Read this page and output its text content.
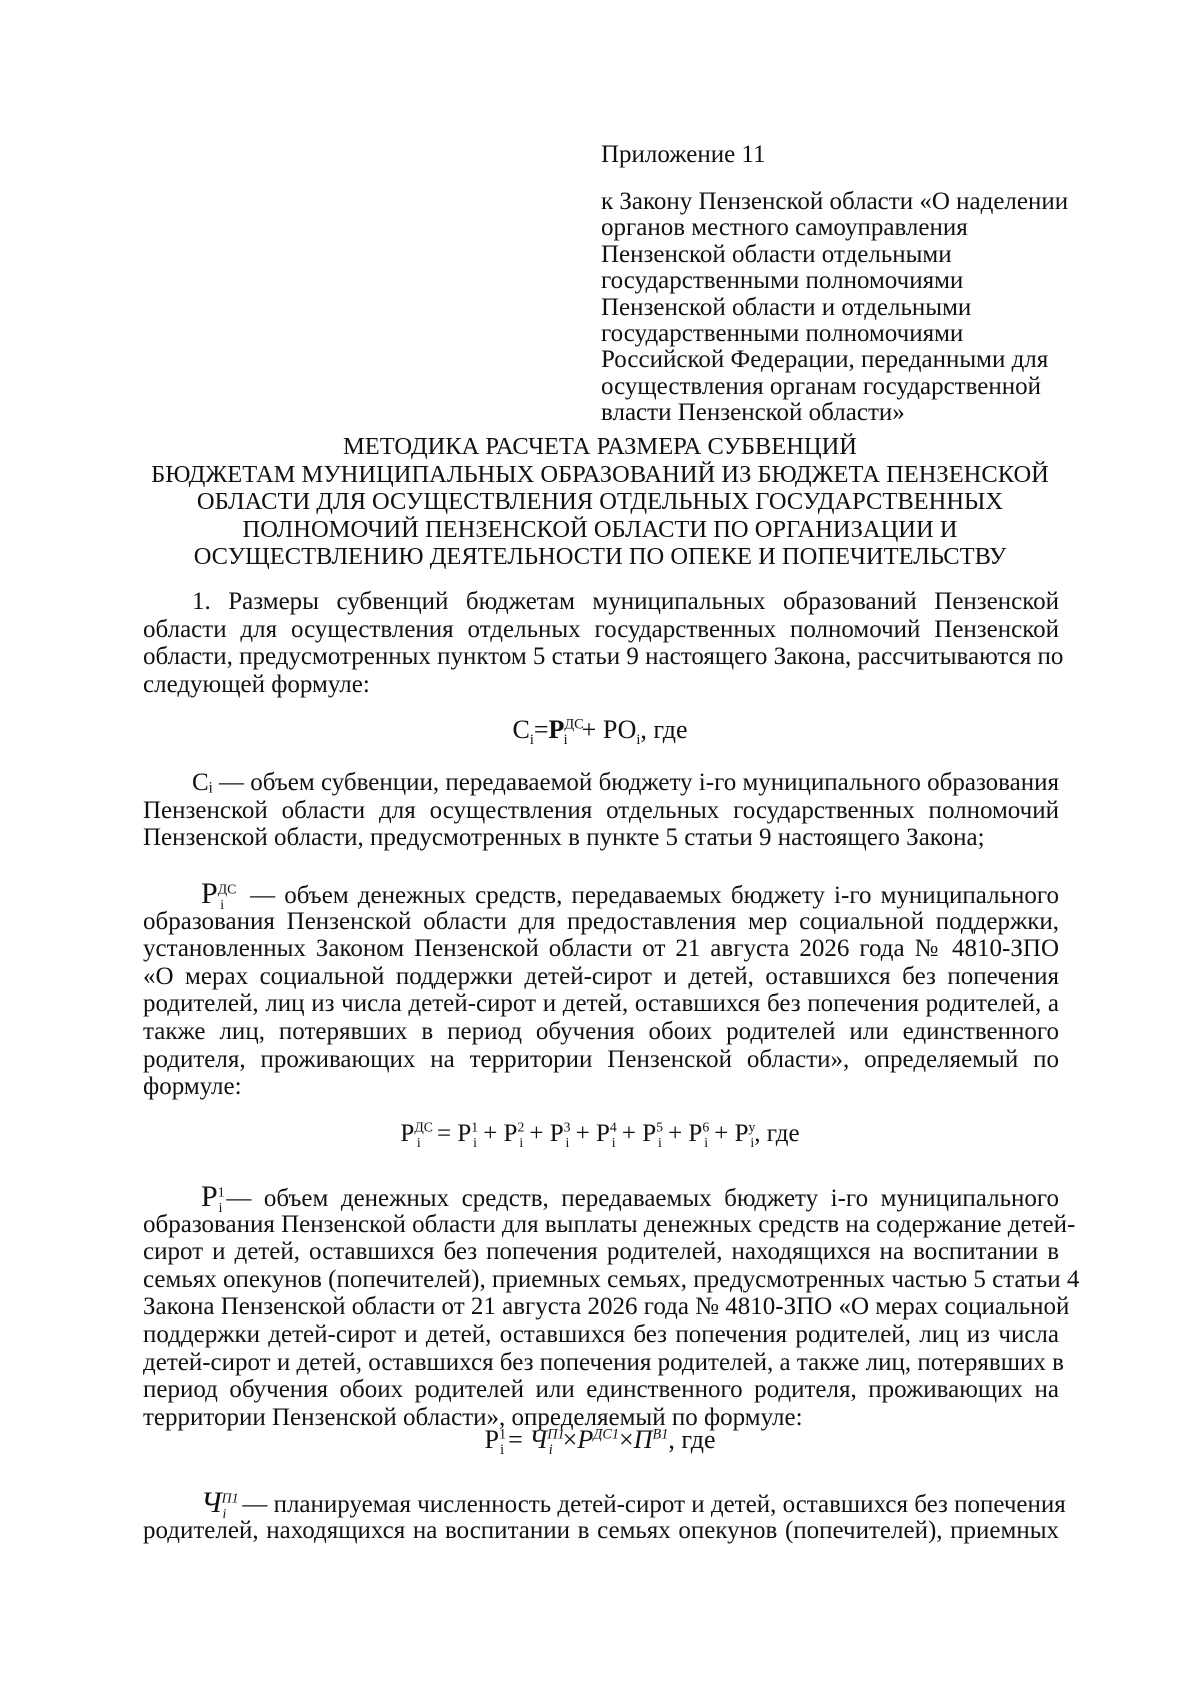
Приложение 11
к Закону Пензенской области «О наделении
органов местного самоуправления
Пензенской области отдельными
государственными полномочиями
Пензенской области и отдельными
государственными полномочиями
Российской Федерации, переданными для
осуществления органам государственной
власти Пензенской области»
МЕТОДИКА РАСЧЕТА РАЗМЕРА СУБВЕНЦИЙ
БЮДЖЕТАМ МУНИЦИПАЛЬНЫХ ОБРАЗОВАНИЙ ИЗ БЮДЖЕТА ПЕНЗЕНСКОЙ
ОБЛАСТИ ДЛЯ ОСУЩЕСТВЛЕНИЯ ОТДЕЛЬНЫХ ГОСУДАРСТВЕННЫХ
ПОЛНОМОЧИЙ ПЕНЗЕНСКОЙ ОБЛАСТИ ПО ОРГАНИЗАЦИИ И
ОСУЩЕСТВЛЕНИЮ ДЕЯТЕЛЬНОСТИ ПО ОПЕКЕ И ПОПЕЧИТЕЛЬСТВУ
1. Размеры субвенций бюджетам муниципальных образований Пензенской
области для осуществления отдельных государственных полномочий Пензенской
области, предусмотренных пунктом 5 статьи 9 настоящего Закона, рассчитываются по
следующей формуле:
$C_i=P^{ДС}_i + РО_i$, где
Cᵢ — объем субвенции, передаваемой бюджету i-го муниципального образования
Пензенской области для осуществления отдельных государственных полномочий
Пензенской области, предусмотренных в пункте 5 статьи 9 настоящего Закона;
$P^{ДС}_i$ — объем денежных средств, передаваемых бюджету i-го муниципального
образования Пензенской области для предоставления мер социальной поддержки,
установленных Законом Пензенской области от 21 августа 2026 года № 4810-ЗПО
«О мерах социальной поддержки детей-сирот и детей, оставшихся без попечения
родителей, лиц из числа детей-сирот и детей, оставшихся без попечения родителей, а
также лиц, потерявших в период обучения обоих родителей или единственного
родителя, проживающих на территории Пензенской области», определяемый по
формуле:
$P^{ДС}_i = P^1_i + P^2_i + P^3_i + P^4_i + P^5_i + P^6_i + P^у_i$, где
$P^1_i$ — объем денежных средств, передаваемых бюджету i-го муниципального
образования Пензенской области для выплаты денежных средств на содержание детей-
сирот и детей, оставшихся без попечения родителей, находящихся на воспитании в
семьях опекунов (попечителей), приемных семьях, предусмотренных частью 5 статьи 4
Закона Пензенской области от 21 августа 2026 года № 4810-ЗПО «О мерах социальной
поддержки детей-сирот и детей, оставшихся без попечения родителей, лиц из числа
детей-сирот и детей, оставшихся без попечения родителей, а также лиц, потерявших в
период обучения обоих родителей или единственного родителя, проживающих на
территории Пензенской области», определяемый по формуле:
$P^1_i = Ч^{П1}_i \times P^{ДС1}\times П^{В1}$, где
$Ч^{П1}_i$ — планируемая численность детей-сирот и детей, оставшихся без попечения
родителей, находящихся на воспитании в семьях опекунов (попечителей), приемных
